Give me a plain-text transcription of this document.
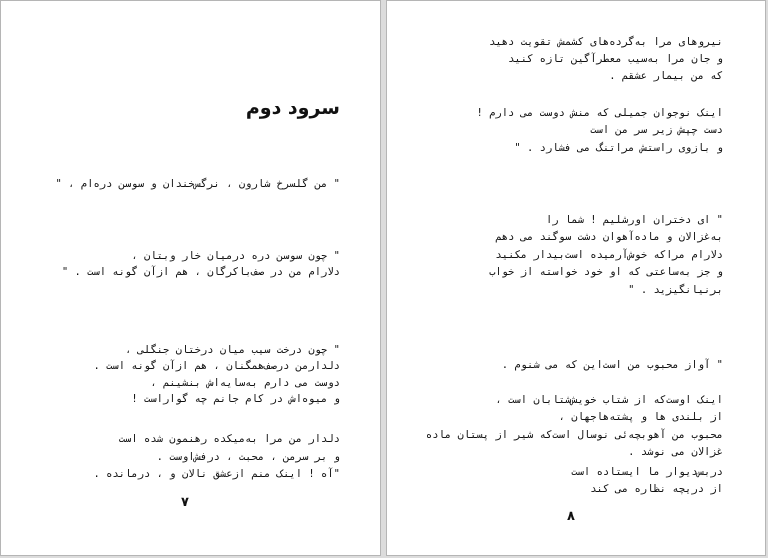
سرود دوم
" من گلسرخ شارون ، نرگس‌خندان و سوسن دره‌ام ، "
" چون سوسن دره درمیان خار وبتان ،
دلارام من در صف‌باکرگان ، هم ازآن گونه است . "
" چون درخت سیب میان درختان جنگلی ،
دلدارمن درصف‌همگنان ، هم ازآن گونه است .
دوست می دارم به‌سایه‌اش بنشینم ،
و میوه‌اش در کام جانم چه گواراست !
دلدار من مرا به‌میکده رهنمون شده است
و بر سرمن ، محبت ، درفش‌اوست .
"آه ! اینک منم ازعشق نالان و ، درمانده .
۷
نیروهای مرا به‌گرده‌های کشمش تقویت دهید
و جان مرا به‌سیب معطرآگین تازه کنید
که من بیمار عشقم .
اینک نوجوان جمیلی که منش دوست می دارم !
دست چپش زیر سر من است
و بازوی راستش مراتنگ می فشارد . "
" ای دختران اورشلیم ! شما را
به‌غزالان و ماده‌آهوان دشت سوگند می دهم
دلارام مراکه خوش‌آرمیده است‌بیدار مکنید
و جز به‌ساعتی که او خود خواسته از خواب
برنیانگیزید . "
" آواز محبوب من است‌این که می شنوم .
اینک اوست‌که از شتاب خویش‌شتابان است ،
از بلندی ها و پشته‌هاجهان ،
محبوب من آهوبچه‌ئی نوسال است‌که شیر از پستان ماده
غزالان می نوشد .
دربس‌دیوار ما ایستاده است
از دریچه نظاره می کند
۸
